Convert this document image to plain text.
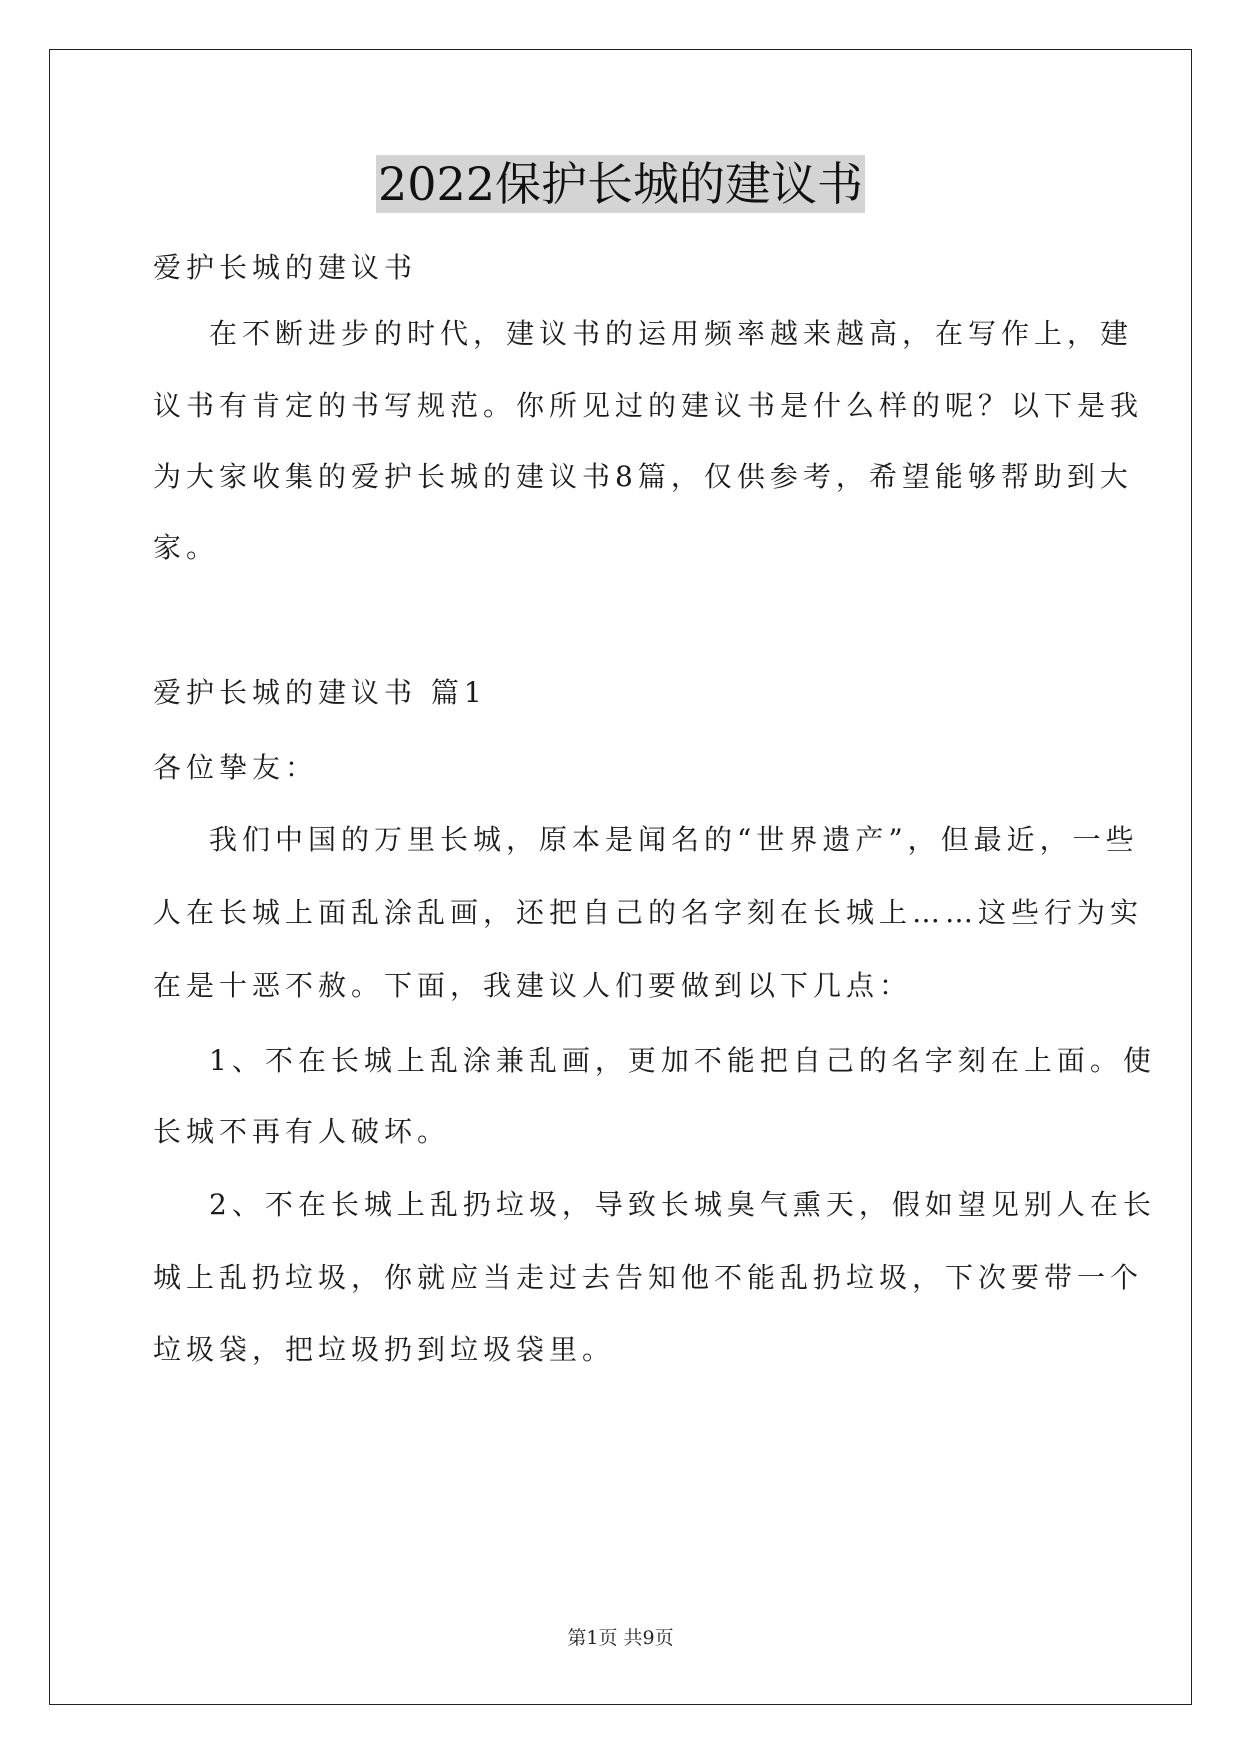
2022保护长城的建议书
爱护长城的建议书
在不断进步的时代，建议书的运用频率越来越高，在写作上，建
议书有肯定的书写规范。你所见过的建议书是什么样的呢？以下是我
为大家收集的爱护长城的建议书8篇，仅供参考，希望能够帮助到大
家。
爱护长城的建议书 篇1
各位挚友：
我们中国的万里长城，原本是闻名的“世界遗产”，但最近，一些
人在长城上面乱涂乱画，还把自己的名字刻在长城上……这些行为实
在是十恶不赦。下面，我建议人们要做到以下几点：
1、不在长城上乱涂兼乱画，更加不能把自己的名字刻在上面。使
长城不再有人破坏。
2、不在长城上乱扔垃圾，导致长城臭气熏天，假如望见别人在长
城上乱扔垃圾，你就应当走过去告知他不能乱扔垃圾，下次要带一个
垃圾袋，把垃圾扔到垃圾袋里。
第1页 共9页
